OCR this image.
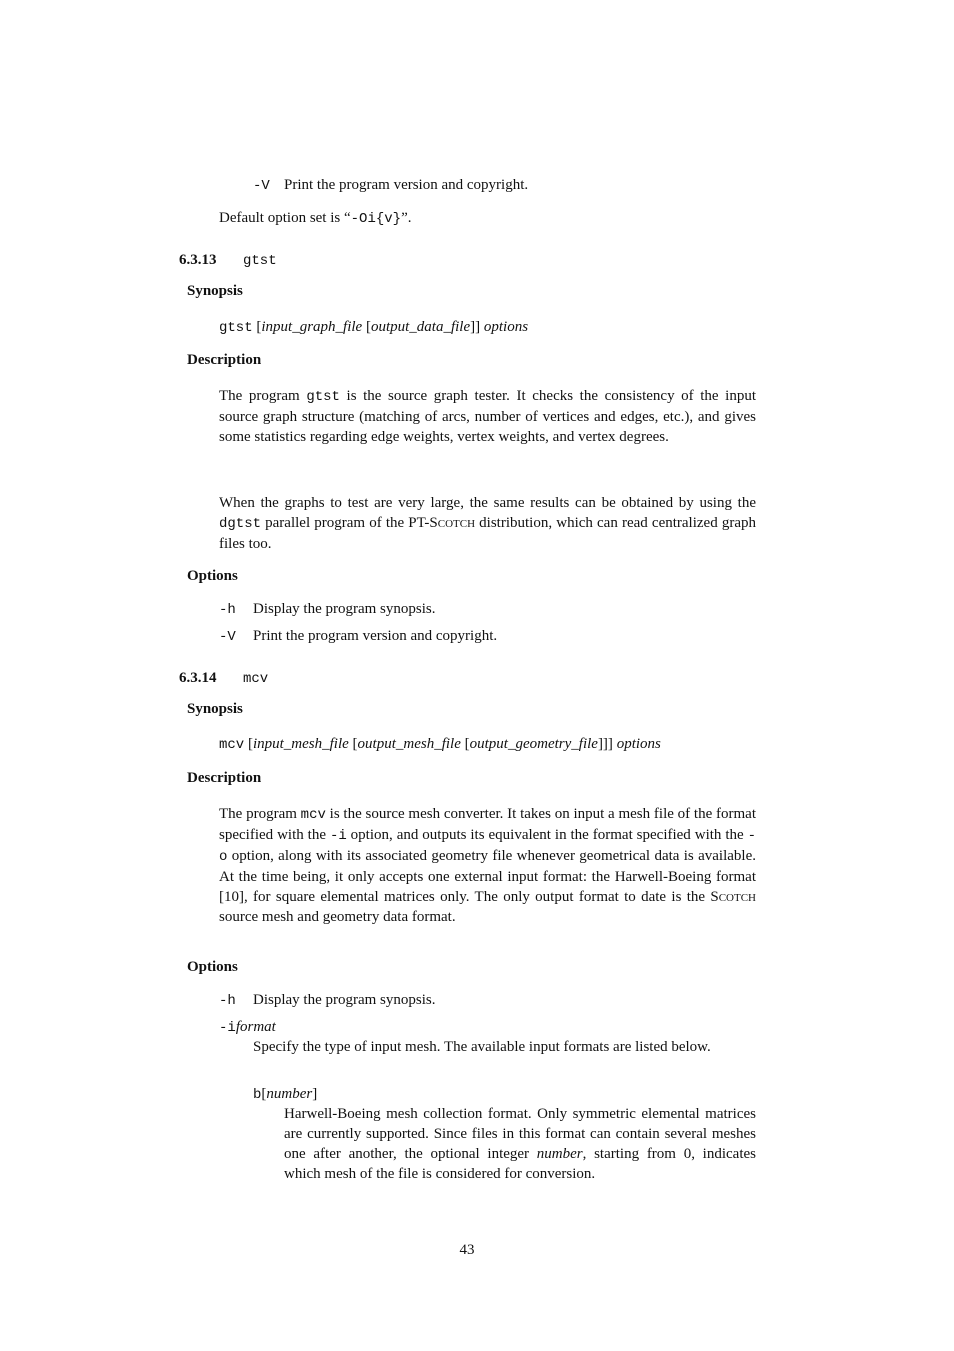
-V Print the program version and copyright.
Default option set is “-Oi{v}”.
6.3.13 gtst
Synopsis
gtst [input_graph_file [output_data_file]] options
Description
The program gtst is the source graph tester. It checks the consistency of the input source graph structure (matching of arcs, number of vertices and edges, etc.), and gives some statistics regarding edge weights, vertex weights, and vertex degrees.
When the graphs to test are very large, the same results can be obtained by using the dgtst parallel program of the PT-Scotch distribution, which can read centralized graph files too.
Options
-h Display the program synopsis.
-V Print the program version and copyright.
6.3.14 mcv
Synopsis
mcv [input_mesh_file [output_mesh_file [output_geometry_file]]] options
Description
The program mcv is the source mesh converter. It takes on input a mesh file of the format specified with the -i option, and outputs its equivalent in the format specified with the -o option, along with its associated geometry file whenever geometrical data is available. At the time being, it only accepts one external input format: the Harwell-Boeing format [10], for square elemental matrices only. The only output format to date is the Scotch source mesh and geometry data format.
Options
-h Display the program synopsis.
-iformat
Specify the type of input mesh. The available input formats are listed below.
b[number]
Harwell-Boeing mesh collection format. Only symmetric elemental matrices are currently supported. Since files in this format can contain several meshes one after another, the optional integer number, starting from 0, indicates which mesh of the file is considered for conversion.
43
